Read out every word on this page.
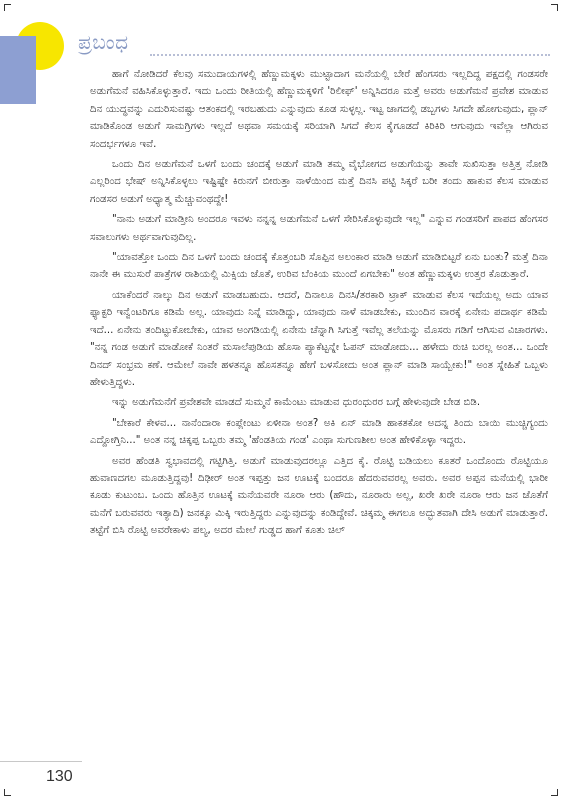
ಪ್ರಬಂಧ

ಹಾಗೆ ನೋಡಿದರೆ ಕೆಲವು ಸಮುದಾಯಗಳಲ್ಲಿ ಹೆಣ್ಣುಮಕ್ಕಳು ಮುಟ್ಟಾದಾಗ ಮನೆಯಲ್ಲಿ ಬೇರೆ ಹೆಂಗಸರು ಇಲ್ಲದಿದ್ದ ಪಕ್ಷದಲ್ಲಿ ಗಂಡಸರೇ ಅಡುಗೆಮನೆ ವಹಿಸಿಕೊಳ್ಳುತ್ತಾರೆ. ಇದು ಒಂದು ರೀತಿಯಲ್ಲಿ ಹೆಣ್ಣುಮಕ್ಕಳಿಗೆ 'ರಿಲೀಫ್' ಅನ್ನಿಸಿದರೂ ಮತ್ತೆ ಅವರು ಅಡುಗೆಮನೆ ಪ್ರವೇಶ ಮಾಡುವ ದಿನ ಯುದ್ಧವನ್ನು ಎದುರಿಸುವಷ್ಟು ಆತಂಕದಲ್ಲಿ ಇರಬಹುದು ಎನ್ನುವುದು ಕೂಡ ಸುಳ್ಳಲ್ಲ. ಇಟ್ಟ ಜಾಗದಲ್ಲಿ ಡಬ್ಬಗಳು ಸಿಗದೇ ಹೋಗುವುದು, ಪ್ಲಾನ್ ಮಾಡಿಕೊಂಡ ಅಡುಗೆ ಸಾಮಗ್ರಿಗಳು ಇಲ್ಲದೆ ಅಥವಾ ಸಮಯಕ್ಕೆ ಸರಿಯಾಗಿ ಸಿಗದೆ ಕೆಲಸ ಕೈಗೂಡದೆ ಕಿರಿಕಿರಿ ಆಗುವುದು ಇವೆಲ್ಲಾ ಆಗಿರುವ ಸಂದರ್ಭಗಳೂ ಇವೆ.

ಒಂದು ದಿನ ಅಡುಗೆಮನೆ ಒಳಗೆ ಬಂದು ಚಂದಕ್ಕೆ ಅಡುಗೆ ಮಾಡಿ ತಮ್ಮ ವೈಭೋಗದ ಅಡುಗೆಯನ್ನು ತಾವೇ ಸುಖಿಸುತ್ತಾ ಅತ್ತಿತ್ತ ನೋಡಿ ಎಲ್ಲರಿಂದ ಭೇಷ್ ಅನ್ನಿಸಿಕೊಳ್ಳಲು ಇಷ್ಟಿಷ್ಟೇ ಕಿರುನಗೆ ಬೀರುತ್ತಾ ನಾಳೆಯಿಂದ ಮತ್ತೆ ದಿನಸಿ ಪಟ್ಟಿ ಸಿಕ್ಕರೆ ಬರೀ ತಂದು ಹಾಕುವ ಕೆಲಸ ಮಾಡುವ ಗಂಡಸರ ಅಡುಗೆ ಅಧ್ಯಾತ್ಮ ಮೆಚ್ಚುವಂಥದ್ದೇ!

"ನಾನು ಅಡುಗೆ ಮಾಡ್ತೀನಿ ಅಂದರೂ ಇವಳು ನನ್ನನ್ನ ಅಡುಗೆಮನೆ ಒಳಗೆ ಸೇರಿಸಿಕೊಳ್ಳುವುದೇ ಇಲ್ಲ" ಎನ್ನುವ ಗಂಡಸರಿಗೆ ಪಾಪದ ಹೆಂಗಸರ ಸವಾಲುಗಳು ಅರ್ಥವಾಗುವುದಿಲ್ಲ.

"ಯಾವತ್ತೋ ಒಂದು ದಿನ ಒಳಗೆ ಬಂದು ಚಂದಕ್ಕೆ ಕೊತ್ತಂಬರಿ ಸೊಪ್ಪಿನ ಅಲಂಕಾರ ಮಾಡಿ ಅಡುಗೆ ಮಾಡಿಬಿಟ್ಟರೆ ಏನು ಬಂತು? ಮತ್ತೆ ದಿನಾ ನಾನೇ ಈ ಮುಸುರೆ ಪಾತ್ರೆಗಳ ರಾಶಿಯಲ್ಲಿ ಮಿಕ್ಸಿಯ ಜೊತೆ, ಉರಿವ ಬೆಂಕಿಯ ಮುಂದೆ ಏಗಬೇಕು" ಅಂತ ಹೆಣ್ಣುಮಕ್ಕಳು ಉತ್ತರ ಕೊಡುತ್ತಾರೆ.

ಯಾಕೆಂದರೆ ನಾಲ್ಕು ದಿನ ಅಡುಗೆ ಮಾಡಬಹುದು. ಆದರೆ, ದಿನಾಲೂ ದಿನಸಿ/ತರಕಾರಿ ಟ್ರಾಕ್ ಮಾಡುವ ಕೆಲಸ ಇದೆಯಲ್ಲ ಅದು ಯಾವ ಫ್ಯಾಕ್ಟರಿ ಇನ್ವೆಂಟರಿಗೂ ಕಡಿಮೆ ಅಲ್ಲ. ಯಾವುದು ನಿನ್ನೆ ಮಾಡಿದ್ದು, ಯಾವುದು ನಾಳೆ ಮಾಡಬೇಕು, ಮುಂದಿನ ವಾರಕ್ಕೆ ಏನೇನು ಪದಾರ್ಥ ಕಡಿಮೆ ಇದೆ... ಏನೇನು ತಂದಿಟ್ಟುಕೋಬೇಕು, ಯಾವ ಅಂಗಡಿಯಲ್ಲಿ ಏನೇನು ಚೆನ್ನಾಗಿ ಸಿಗುತ್ತೆ ಇವೆಲ್ಲ ತಲೆಯನ್ನು ಮೊಸರು ಗಡಿಗೆ ಆಗಿಸುವ ವಿಚಾರಗಳು. "ನನ್ನ ಗಂಡ ಅಡುಗೆ ಮಾಡೋಕೆ ನಿಂತರೆ ಮಸಾಲೆಪುಡಿಯ ಹೊಸಾ ಪ್ಯಾಕೆಟ್ಟನ್ನೇ ಓಪನ್ ಮಾಡೋದು... ಹಳೇದು ರುಚಿ ಬರಲ್ಲ ಅಂತ... ಒಂದೇ ದಿನದ್ ಸಂಭ್ರಮ ಕಣೆ. ಆಮೇಲೆ ನಾವೇ ಹಳತನ್ನೂ ಹೊಸತನ್ನೂ ಹೇಗೆ ಬಳಸೋದು ಅಂತ ಪ್ಲಾನ್ ಮಾಡಿ ಸಾಯ್ಬೇಕು!" ಅಂತ ಸ್ನೇಹಿತೆ ಒಬ್ಬಳು ಹೇಳುತ್ತಿದ್ದಳು.

ಇನ್ನು ಅಡುಗೆಮನೆಗೆ ಪ್ರವೇಶವೇ ಮಾಡದೆ ಸುಮ್ಮನೆ ಕಾಮೆಂಟು ಮಾಡುವ ಧುರಂಧುರರ ಬಗ್ಗೆ ಹೇಳುವುದೇ ಬೇಡ ಬಿಡಿ.

"ಬೇಕಾರೆ ಕೇಳವ... ನಾನೆಂದಾರಾ ಕಂಪ್ಲೇಂಟು ಏಳೀನಾ ಅಂತ? ಅಕಿ ಏನ್ ಮಾಡಿ ಹಾಕತಕೋ ಅದನ್ನ ತಿಂದು ಬಾಯಿ ಮುಚ್ಚಿಗ್ಯಂದು ಎದ್ದೋಗ್ತಿನಿ..." ಅಂತ ನನ್ನ ಚಿಕ್ಕಪ್ಪ ಒಬ್ಬರು ತಮ್ಮ 'ಹೆಂಡತಿಯ ಗಂಡ' ಎಂಥಾ ಸುಗುಣಶೀಲ ಅಂತ ಹೇಳಿಕೊಳ್ಳಾ ಇದ್ದರು.

ಅವರ ಹೆಂಡತಿ ಸ್ವಭಾವದಲ್ಲಿ ಗಟ್ಟಿಗಿತ್ತಿ. ಅಡುಗೆ ಮಾಡುವುದರಲ್ಲೂ ಎತ್ತಿದ ಕೈ. ರೊಟ್ಟಿ ಬಡಿಯಲು ಕೂತರೆ ಒಂದೊಂದು ರೊಟ್ಟಿಯೂ ಹುವಾಣದಗಲ ಮೂಡುತ್ತಿದ್ದವು! ದಿಢೀರ್ ಅಂತ ಇಪ್ಪತ್ತು ಜನ ಊಟಕ್ಕೆ ಬಂದರೂ ಹೆದರುವವರಲ್ಲ ಅವರು. ಅವರ ಅಪ್ಪನ ಮನೆಯಲ್ಲಿ ಭಾರೀ ಕೂಡು ಕುಟುಂಬ. ಒಂದು ಹೊತ್ತಿನ ಊಟಕ್ಕೆ ಮನೆಯವರೇ ನೂರಾ ಆರು (ಹೌದು, ನೂರಾರು ಅಲ್ಲ, ಖರೇ ಖರೇ ನೂರಾ ಆರು ಜನ ಜೊತೆಗೆ ಮನೆಗೆ ಬರುವವರು ಇತ್ಯಾದಿ) ಜನಕ್ಕೂ ಮಿಕ್ಕಿ ಇರುತ್ತಿದ್ದರು ಎನ್ನುವುದನ್ನು ಕಂಡಿದ್ದೇವೆ. ಚಿಕ್ಕಮ್ಮ ಈಗಲೂ ಅದ್ಭುತವಾಗಿ ದೇಸಿ ಅಡುಗೆ ಮಾಡುತ್ತಾರೆ. ತಟ್ಟೆಗೆ ಬಿಸಿ ರೊಟ್ಟಿ ಅವರೇಕಾಳು ಪಲ್ಯ, ಅದರ ಮೇಲೆ ಗುಡ್ಡದ ಹಾಗೆ ಕೂತು ಚಿಲ್

130
